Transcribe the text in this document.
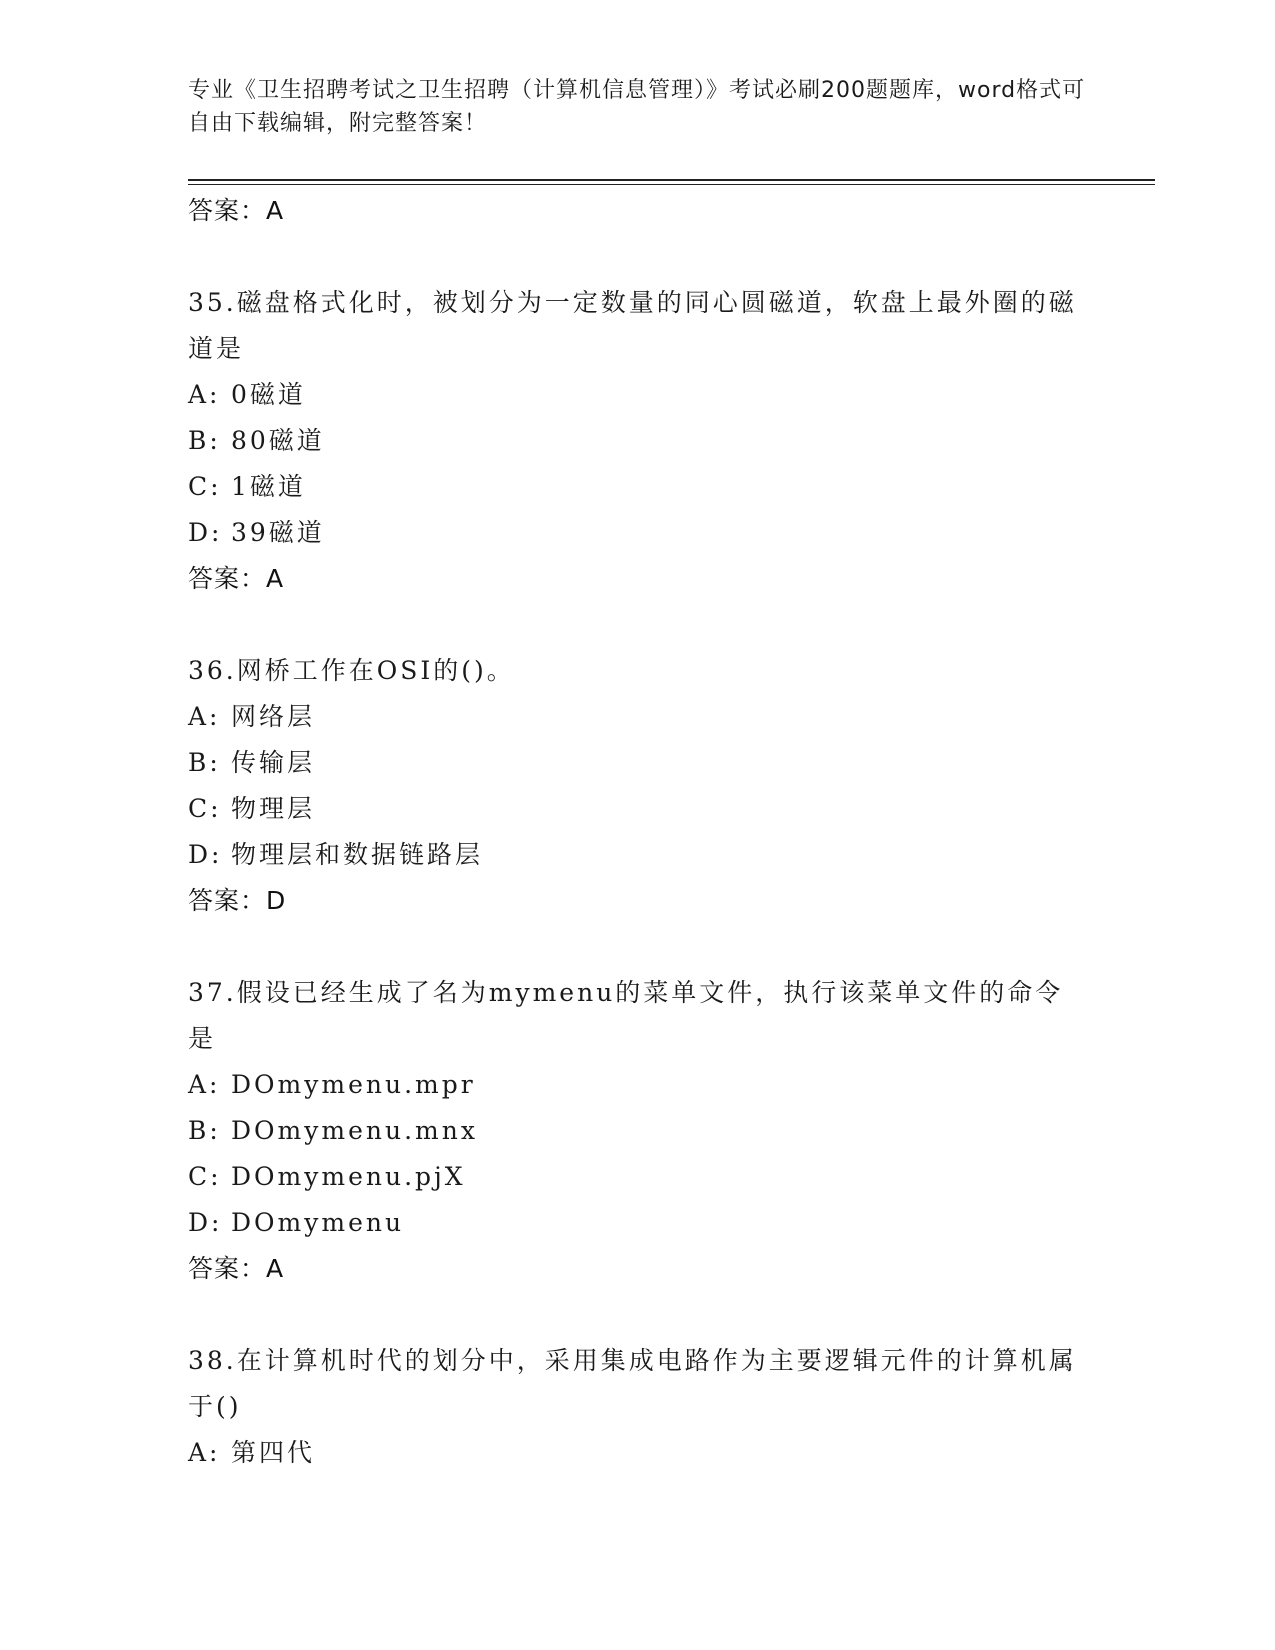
专业《卫生招聘考试之卫生招聘（计算机信息管理）》考试必刷200题题库，word格式可自由下载编辑，附完整答案！
答案：A

35.磁盘格式化时，被划分为一定数量的同心圆磁道，软盘上最外圈的磁道是

A: 0磁道
B: 80磁道
C: 1磁道
D: 39磁道
答案：A

36.网桥工作在OSI的()。

A: 网络层
B: 传输层
C: 物理层
D: 物理层和数据链路层
答案：D

37.假设已经生成了名为mymenu的菜单文件，执行该菜单文件的命令是

A: DOmymenu.mpr
B: DOmymenu.mnx
C: DOmymenu.pjX
D: DOmymenu
答案：A

38.在计算机时代的划分中，采用集成电路作为主要逻辑元件的计算机属于()

A: 第四代
